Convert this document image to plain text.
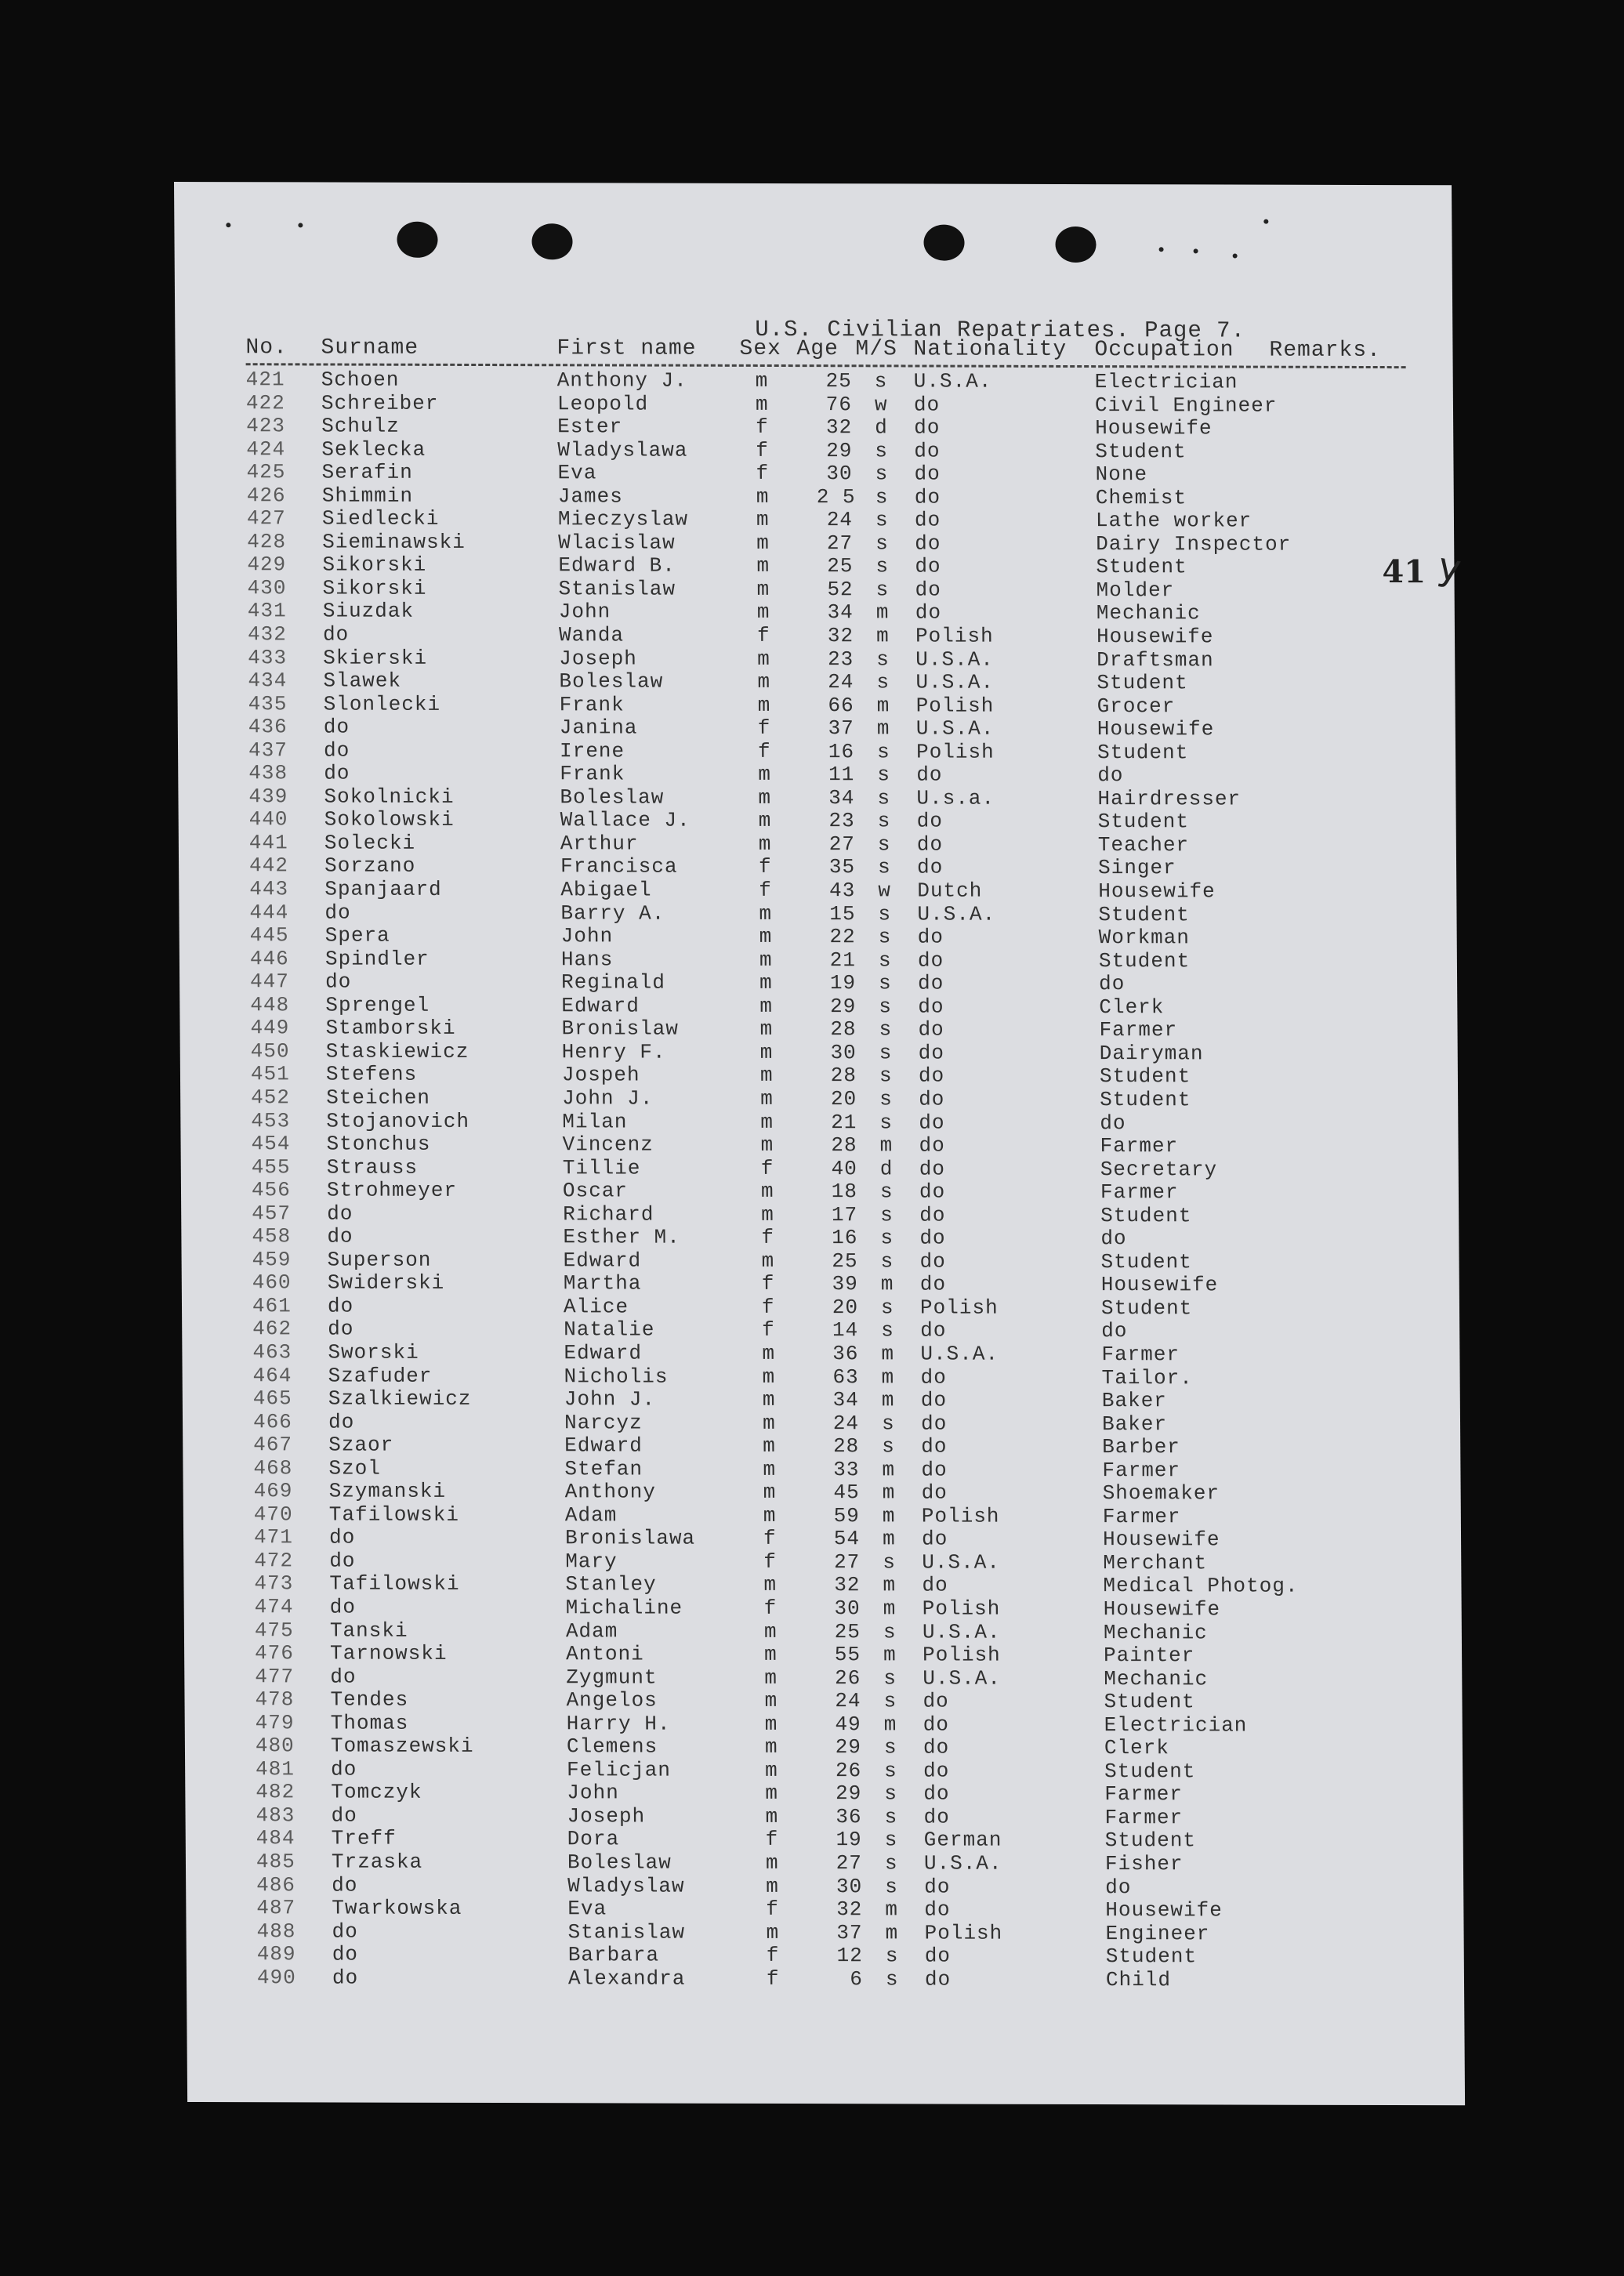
U.S. Civilian Repatriates. Page 7.
No. Surname	First name Sex Age M/S Nationality Occupation Remarks.
41 y
421 Schoen	Anthony J.	m	25 s U.S.A.	Electrician
422 Schreiber	Leopold	m	76 w do	Civil Engineer
423 Schulz	Ester	f	32 d do	Housewife
424 Seklecka	Wladyslawa	f	29 s do	Student
425 Serafin	Eva	f	30 s do	None
426 Shimmin	James	m 2 5 s do	Chemist
427 Siedlecki	Mieczyslaw	m	24 s do	Lathe worker
428 Sieminawski	Wlacislaw	m	27 s do	Dairy Inspector
429 Sikorski	Edward B.	m	25 s do	Student
430 Sikorski	Stanislaw	m	52 s do	Molder
431 Siuzdak	John	m	34 m do	Mechanic
432 do	Wanda	f	32 m Polish	Housewife
433 Skierski	Joseph	m	23 s U.S.A.	Draftsman
434 Slawek	Boleslaw	m	24 s U.S.A.	Student
435 Slonlecki	Frank	m	66 m Polish	Grocer
436 do	Janina	f	37 m U.S.A.	Housewife
437 do	Irene	f	16 s Polish	Student
438 do	Frank	m	11 s do	do
439 Sokolnicki	Boleslaw	m	34 s U.s.a.	Hairdresser
440 Sokolowski	Wallace J.	m	23 s do	Student
441 Solecki	Arthur	m	27 s do	Teacher
442 Sorzano	Francisca	f	35 s do	Singer
443 Spanjaard	Abigael	f	43 w Dutch	Housewife
444 do	Barry A.	m	15 s U.S.A.	Student
445 Spera	John	m	22 s do	Workman
446 Spindler	Hans	m	21 s do	Student
447 do	Reginald	m	19 s do	do
448 Sprengel	Edward	m	29 s do	Clerk
449 Stamborski	Bronislaw	m	28 s do	Farmer
450 Staskiewicz	Henry F.	m	30 s do	Dairyman
451 Stefens	Jospeh	m	28 s do	Student
452 Steichen	John J.	m	20 s do	Student
453 Stojanovich	Milan	m	21 s do	do
454 Stonchus	Vincenz	m	28 m do	Farmer
455 Strauss	Tillie	f	40 d do	Secretary
456 Strohmeyer	Oscar	m	18 s do	Farmer
457 do	Richard	m	17 s do	Student
458 do	Esther M.	f	16 s do	do
459 Superson	Edward	m	25 s do	Student
460 Swiderski	Martha	f	39 m do	Housewife
461 do	Alice	f	20 s Polish	Student
462 do	Natalie	f	14 s do	do
463 Sworski	Edward	m	36 m U.S.A.	Farmer
464 Szafuder	Nicholis	m	63 m do	Tailor.
465 Szalkiewicz	John J.	m	34 m do	Baker
466 do	Narcyz	m	24 s do	Baker
467 Szaor	Edward	m	28 s do	Barber
468 Szol	Stefan	m	33 m do	Farmer
469 Szymanski	Anthony	m	45 m do	Shoemaker
470 Tafilowski	Adam	m	59 m Polish	Farmer
471 do	Bronislawa	f	54 m do	Housewife
472 do	Mary	f	27 s U.S.A.	Merchant
473 Tafilowski	Stanley	m	32 m do	Medical Photog.
474 do	Michaline	f	30 m Polish	Housewife
475 Tanski	Adam	m	25 s U.S.A.	Mechanic
476 Tarnowski	Antoni	m	55 m Polish	Painter
477 do	Zygmunt	m	26 s U.S.A.	Mechanic
478 Tendes	Angelos	m	24 s do	Student
479 Thomas	Harry H.	m	49 m do	Electrician
480 Tomaszewski	Clemens	m	29 s do	Clerk
481 do	Felicjan	m	26 s do	Student
482 Tomczyk	John	m	29 s do	Farmer
483 do	Joseph	m	36 s do	Farmer
484 Treff	Dora	f	19 s German	Student
485 Trzaska	Boleslaw	m	27 s U.S.A.	Fisher
486 do	Wladyslaw	m	30 s do	do
487 Twarkowska	Eva	f	32 m do	Housewife
488 do	Stanislaw	m	37 m Polish	Engineer
489 do	Barbara	f	12 s do	Student
490 do	Alexandra	f	6 s do	Child
